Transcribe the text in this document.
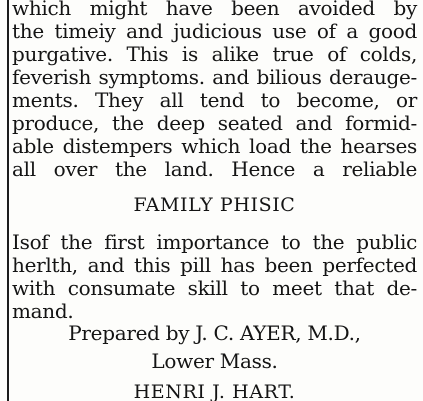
which might have been avoided by
the timeiy and judicious use of a good
purgative. This is alike true of colds,
feverish symptoms. and bilious derauge-
ments. They all tend to become, or
produce, the deep seated and formid-
able distempers which load the hearses
all over the land. Hence a reliable
FAMILY PHISIC
Isof the first importance to the public
herlth, and this pill has been perfected
with consumate skill to meet that de-
mand.
Prepared by J. C. AYER, M.D.,
Lower Mass.
HENRI J. HART.
